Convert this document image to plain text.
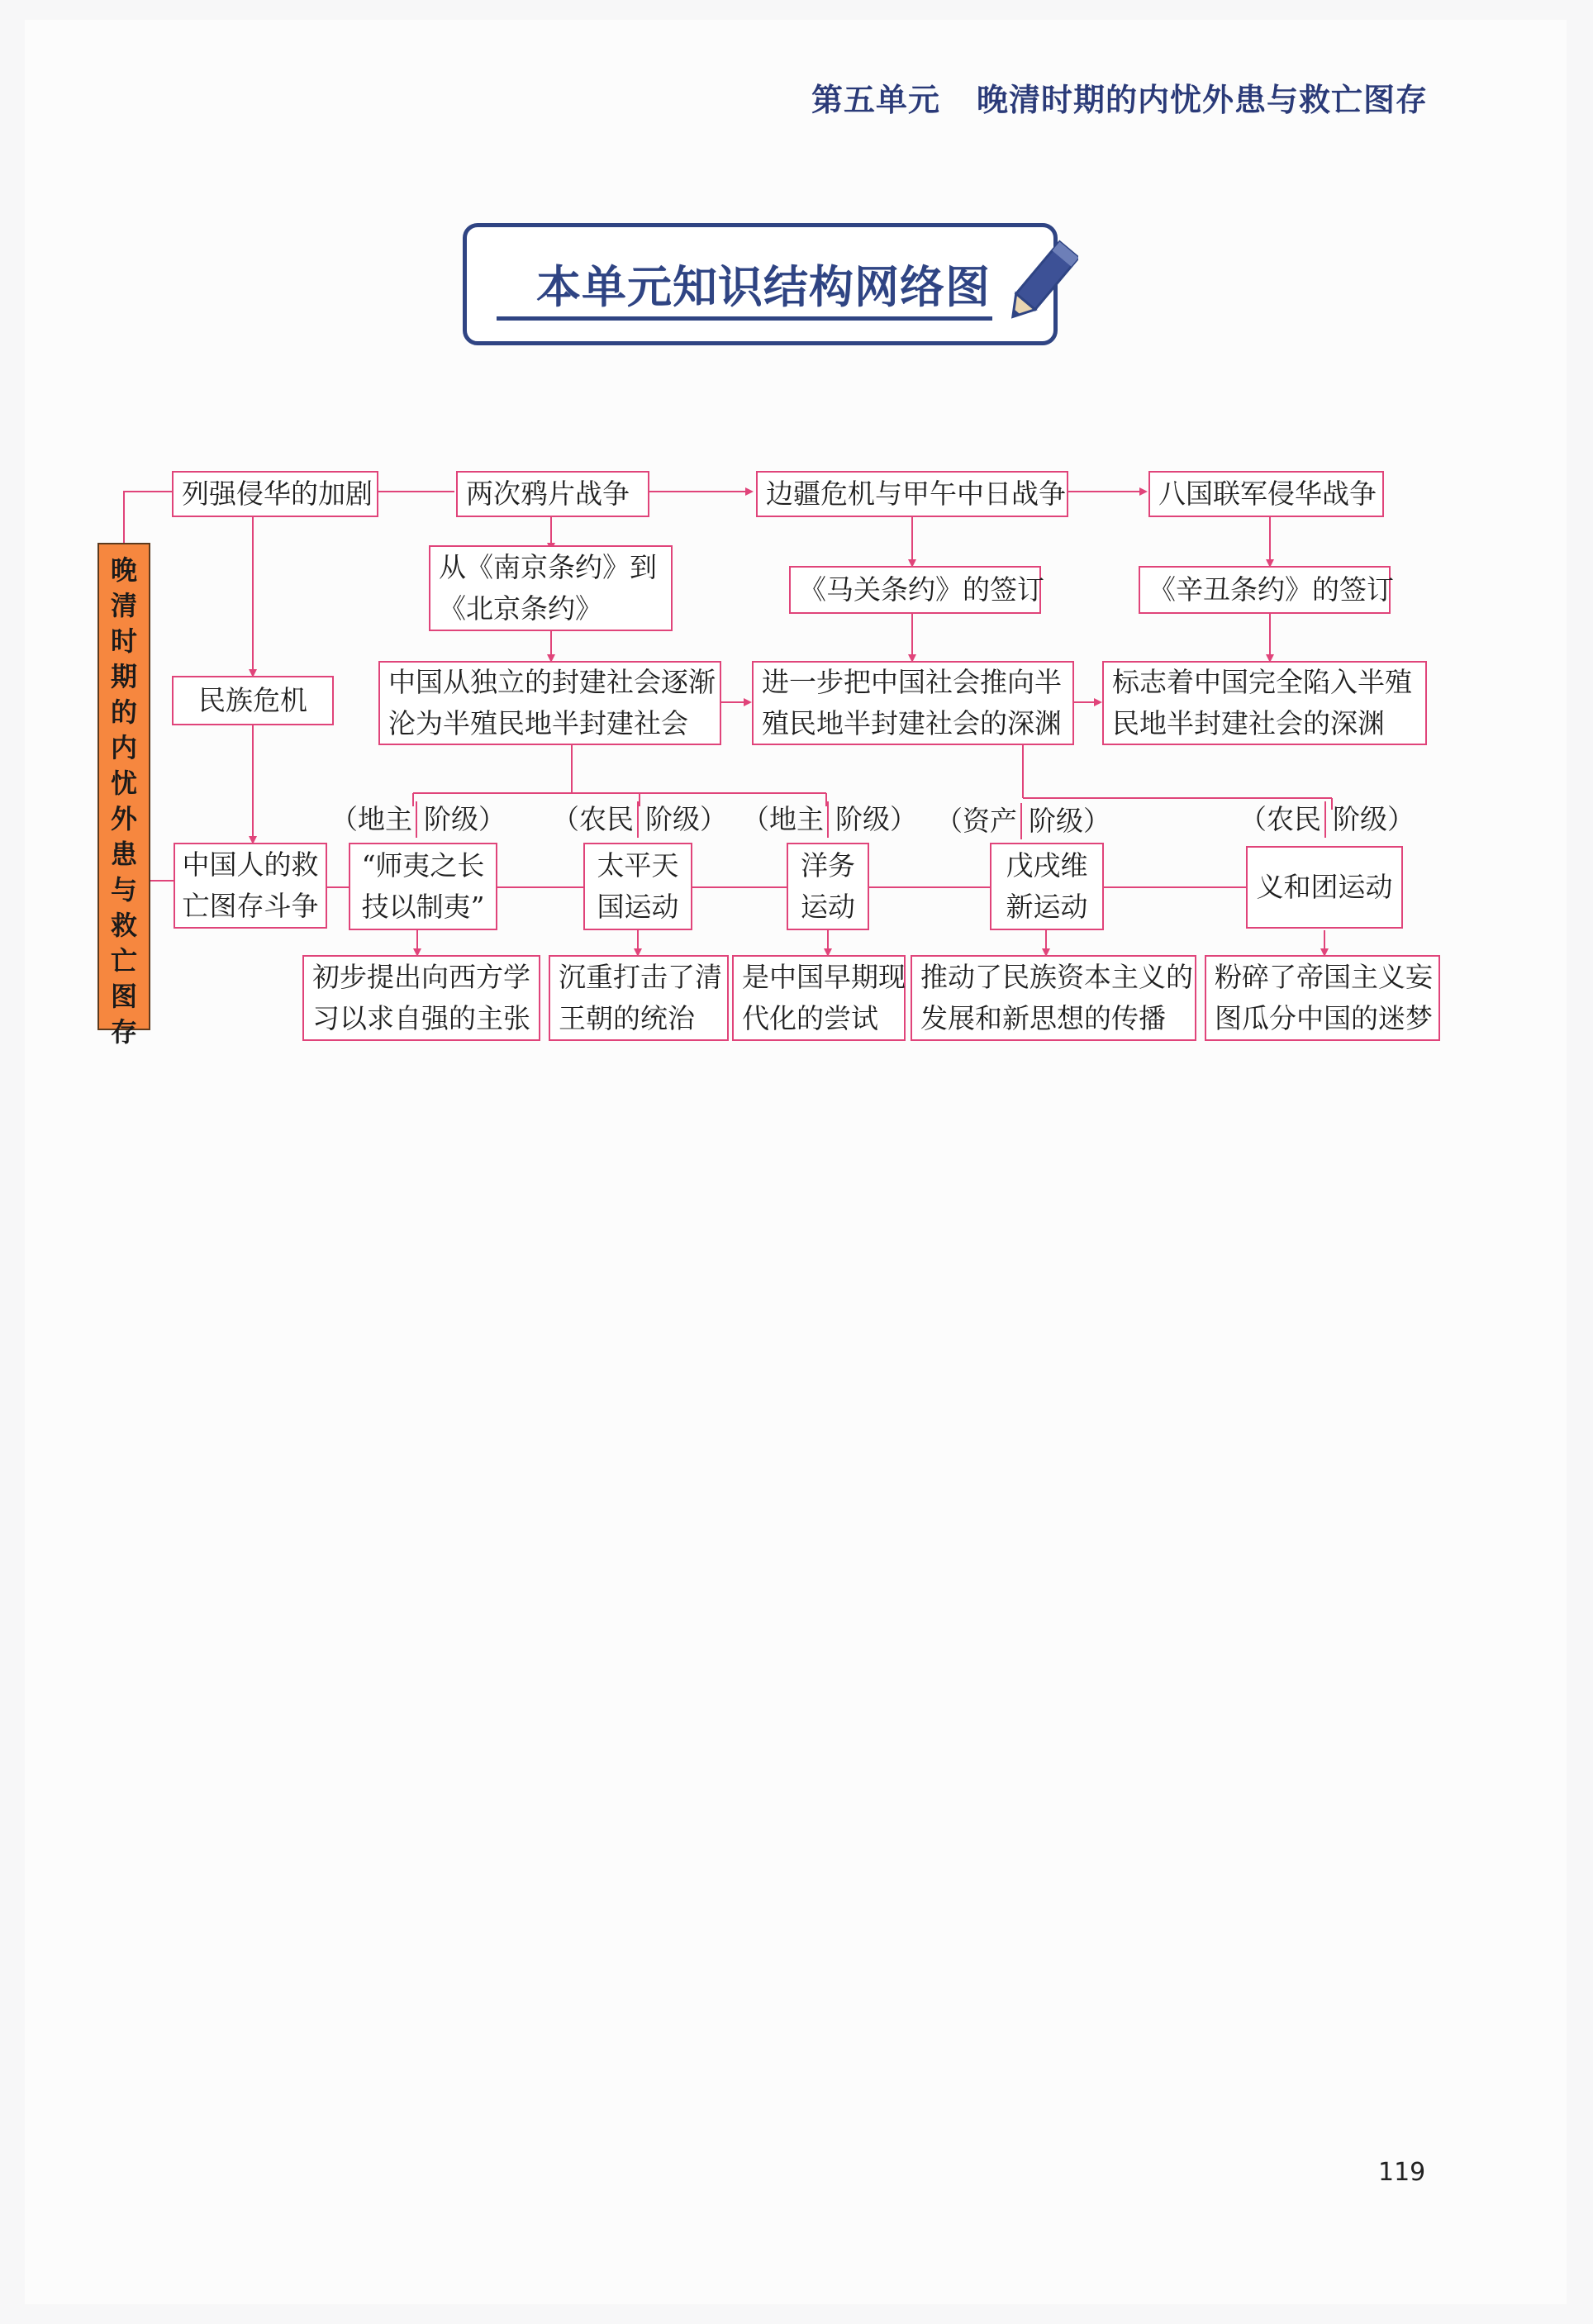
第五单元 晚清时期的内忧外患与救亡图存
本单元知识结构网络图
晚清时期的内忧外患与救亡图存
列强侵华的加剧	两次鸦片战争	边疆危机与甲午中日战争	八国联军侵华战争
从《南京条约》到
《北京条约》
《马关条约》的签订	《辛丑条约》的签订
民族危机
中国从独立的封建社会逐渐
沦为半殖民地半封建社会
进一步把中国社会推向半
殖民地半封建社会的深渊
标志着中国完全陷入半殖
民地半封建社会的深渊
中国人的救
亡图存斗争
（地主 阶级） （农民 阶级） （地主 阶级） （资产 阶级）	（农民 阶级）
“师夷之长
技以制夷”
太平天
国运动
洋务
运动
戊戌维
新运动
义和团运动
初步提出向西方学
习以求自强的主张
沉重打击了清
王朝的统治
是中国早期现
代化的尝试
推动了民族资本主义的
发展和新思想的传播
粉碎了帝国主义妄
图瓜分中国的迷梦
119
